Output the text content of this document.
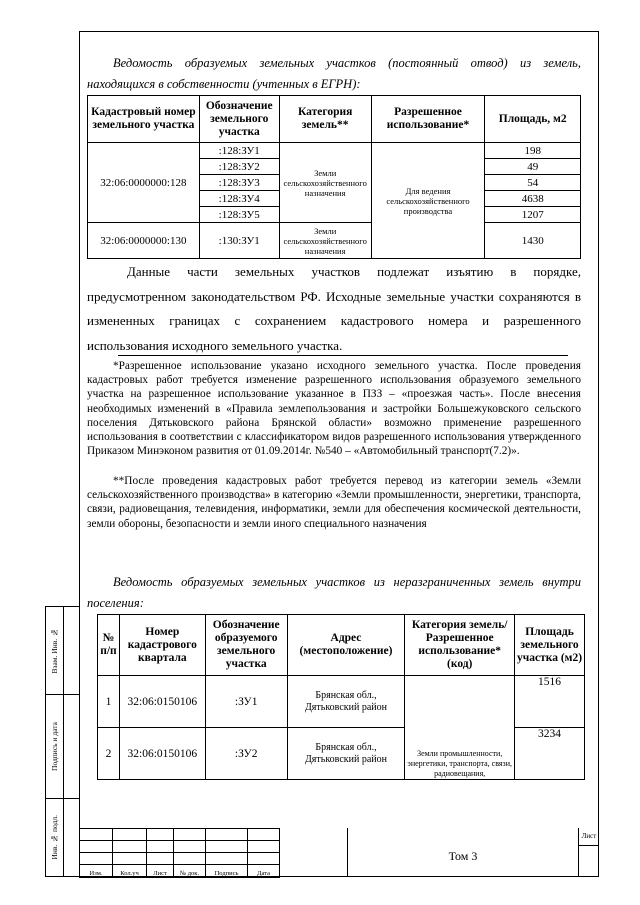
Взам. Инв. №	

Подпись и дата	

Инв. № подл.	

Ведомость образуемых земельных участков (постоянный отвод) из земель, находящихся в собственности (учтенных в ЕГРН):
Кадастровый номер земельного участка	Обозначение земельного участка	Категория земель**	Разрешенное использование*	Площадь, м2
32:06:0000000:128	:128:ЗУ1	Земли сельскохозяйственного назначения	Для ведения сельскохозяйственного производства	198
	:128:ЗУ2			49
	:128:ЗУ3			54
	:128:ЗУ4			4638
	:128:ЗУ5			1207
32:06:0000000:130	:130:ЗУ1	Земли сельскохозяйственного назначения		1430
Данные части земельных участков подлежат изъятию в порядке, предусмотренном законодательством РФ. Исходные земельные участки сохраняются в измененных границах с сохранением кадастрового номера и разрешенного использования исходного земельного участка.
*Разрешенное использование указано исходного земельного участка. После проведения кадастровых работ требуется изменение разрешенного использования образуемого земельного участка на разрешенное использование указанное в ПЗЗ – «проезжая часть». После внесения необходимых изменений в «Правила землепользования и застройки Большежуковского сельского поселения Дятьковского района Брянской области» возможно применение разрешенного использования в соответствии с классификатором видов разрешенного использования утвержденного Приказом Минэконом развития от 01.09.2014г. №540 – «Автомобильный транспорт(7.2)».
**После проведения кадастровых работ требуется перевод из категории земель «Земли сельскохозяйственного производства» в категорию «Земли промышленности, энергетики, транспорта, связи, радиовещания, телевидения, информатики, земли для обеспечения космической деятельности, земли обороны, безопасности и земли иного специального назначения
Ведомость образуемых земельных участков из неразграниченных земель внутри поселения:
№ п/п	Номер кадастрового квартала	Обозначение образуемого земельного участка	Адрес (местоположение)	Категория земель/ Разрешенное использование* (код)	Площадь земельного участка (м2)
1	32:06:0150106	:ЗУ1	Брянская обл., Дятьковский район	Земли промышленности, энергетики, транспорта, связи, радиовещания,	1516
2	32:06:0150106	:ЗУ2	Брянская обл., Дятьковский район		3234

Изм.	Кол.уч	Лист	№ док.	Подпись	Дата
Том 3
Лист
